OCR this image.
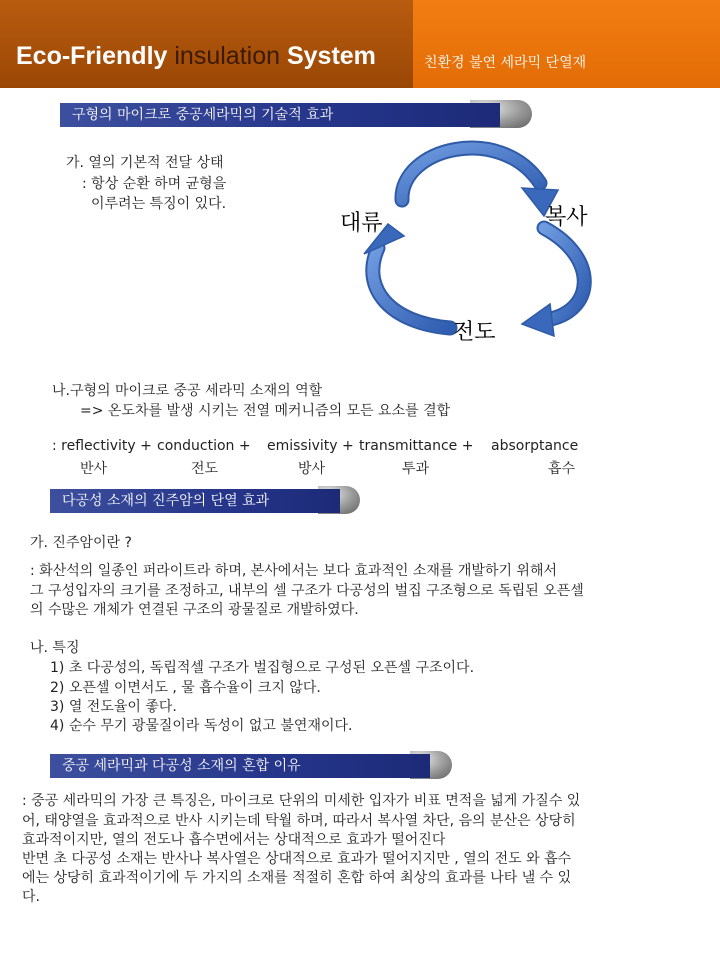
Eco-Friendly insulation System	친환경 불연 세라믹 단열재
구형의 마이크로 중공세라믹의 기술적 효과
가. 열의 기본적 전달 상태
: 항상 순환 하며 균형을
이루려는 특징이 있다.
대류	복사
전도
나.구형의 마이크로 중공 세라믹 소재의 역할
=> 온도차를 발생 시키는 전열 메커니즘의 모든 요소를 결합
: reflectivity + conduction + emissivity + transmittance + absorptance
반사	전도	방사	투과	흡수
다공성 소재의 진주암의 단열 효과
가. 진주암이란 ?
: 화산석의 일종인 퍼라이트라 하며, 본사에서는 보다 효과적인 소재를 개발하기 위해서
그 구성입자의 크기를 조정하고, 내부의 셀 구조가 다공성의 벌집 구조형으로 독립된 오픈셀
의 수많은 개체가 연결된 구조의 광물질로 개발하였다.
나. 특징
1) 초 다공성의, 독립적셀 구조가 벌집형으로 구성된 오픈셀 구조이다.
2) 오픈셀 이면서도 , 물 흡수율이 크지 않다.
3) 열 전도율이 좋다.
4) 순수 무기 광물질이라 독성이 없고 불연재이다.
중공 세라믹과 다공성 소재의 혼합 이유
: 중공 세라믹의 가장 큰 특징은, 마이크로 단위의 미세한 입자가 비표 면적을 넓게 가질수 있
어, 태양열을 효과적으로 반사 시키는데 탁월 하며, 따라서 복사열 차단, 음의 분산은 상당히
효과적이지만, 열의 전도나 흡수면에서는 상대적으로 효과가 떨어진다
반면 초 다공성 소재는 반사나 복사열은 상대적으로 효과가 떨어지지만 , 열의 전도 와 흡수
에는 상당히 효과적이기에 두 가지의 소재를 적절히 혼합 하여 최상의 효과를 나타 낼 수 있
다.
